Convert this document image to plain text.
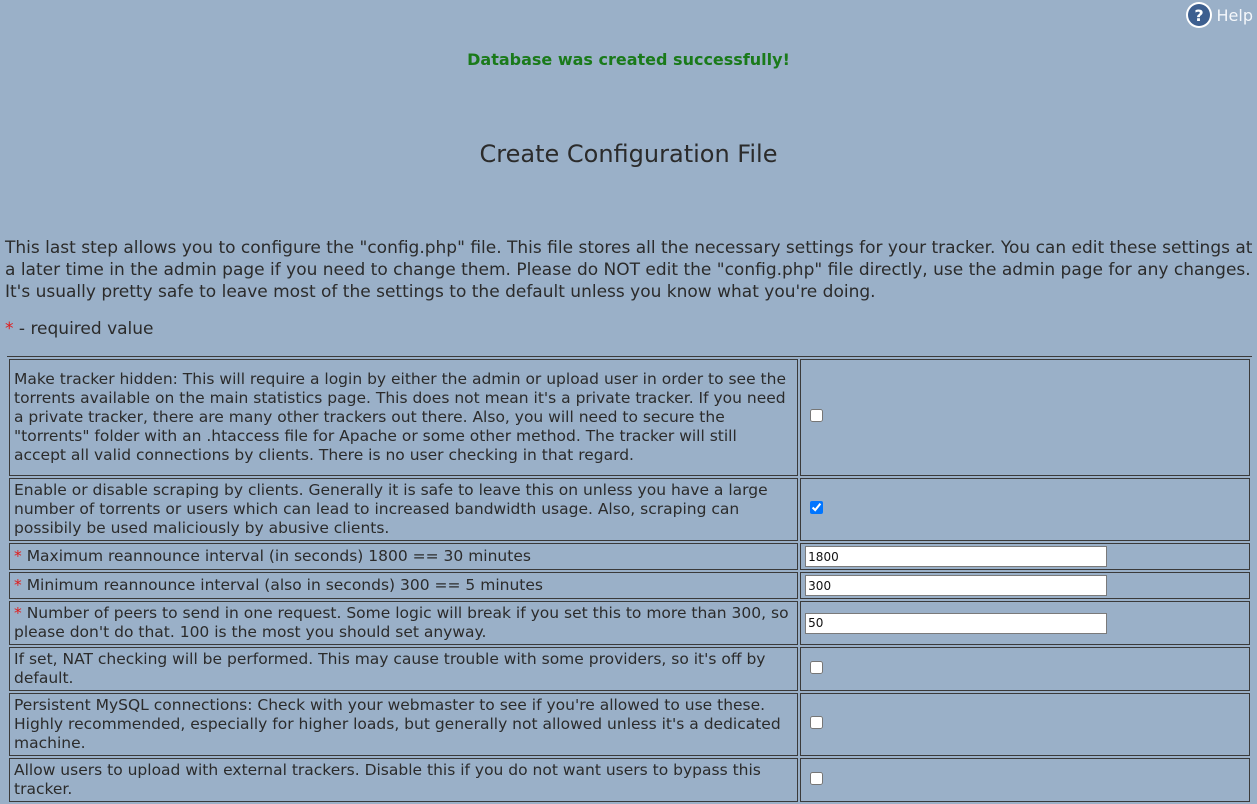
? Help
Database was created successfully!
Create Configuration File
This last step allows you to configure the "config.php" file. This file stores all the necessary settings for your tracker. You can edit these settings at a later time in the admin page if you need to change them. Please do NOT edit the "config.php" file directly, use the admin page for any changes. It's usually pretty safe to leave most of the settings to the default unless you know what you're doing.
* - required value
Make tracker hidden: This will require a login by either the admin or upload user in order to see the torrents available on the main statistics page. This does not mean it's a private tracker. If you need a private tracker, there are many other trackers out there. Also, you will need to secure the "torrents" folder with an .htaccess file for Apache or some other method. The tracker will still accept all valid connections by clients. There is no user checking in that regard.	
Enable or disable scraping by clients. Generally it is safe to leave this on unless you have a large number of torrents or users which can lead to increased bandwidth usage. Also, scraping can possibily be used maliciously by abusive clients.	
* Maximum reannounce interval (in seconds) 1800 == 30 minutes	1800
* Minimum reannounce interval (also in seconds) 300 == 5 minutes	300
* Number of peers to send in one request. Some logic will break if you set this to more than 300, so please don't do that. 100 is the most you should set anyway.	50
If set, NAT checking will be performed. This may cause trouble with some providers, so it's off by default.	
Persistent MySQL connections: Check with your webmaster to see if you're allowed to use these. Highly recommended, especially for higher loads, but generally not allowed unless it's a dedicated machine.	
Allow users to upload with external trackers. Disable this if you do not want users to bypass this tracker.	
